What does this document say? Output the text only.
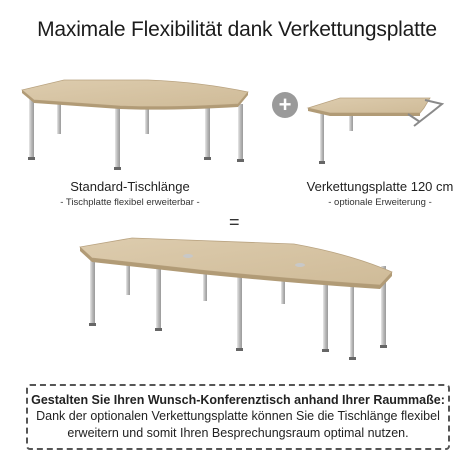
Maximale Flexibilität dank Verkettungsplatte
+
Standard-Tischlänge
- Tischplatte flexibel erweiterbar -
Verkettungsplatte 120 cm
- optionale Erweiterung -
=
Gestalten Sie Ihren Wunsch-Konferenztisch anhand Ihrer Raummaße:
Dank der optionalen Verkettungsplatte können Sie die Tischlänge flexibel
erweitern und somit Ihren Besprechungsraum optimal nutzen.
